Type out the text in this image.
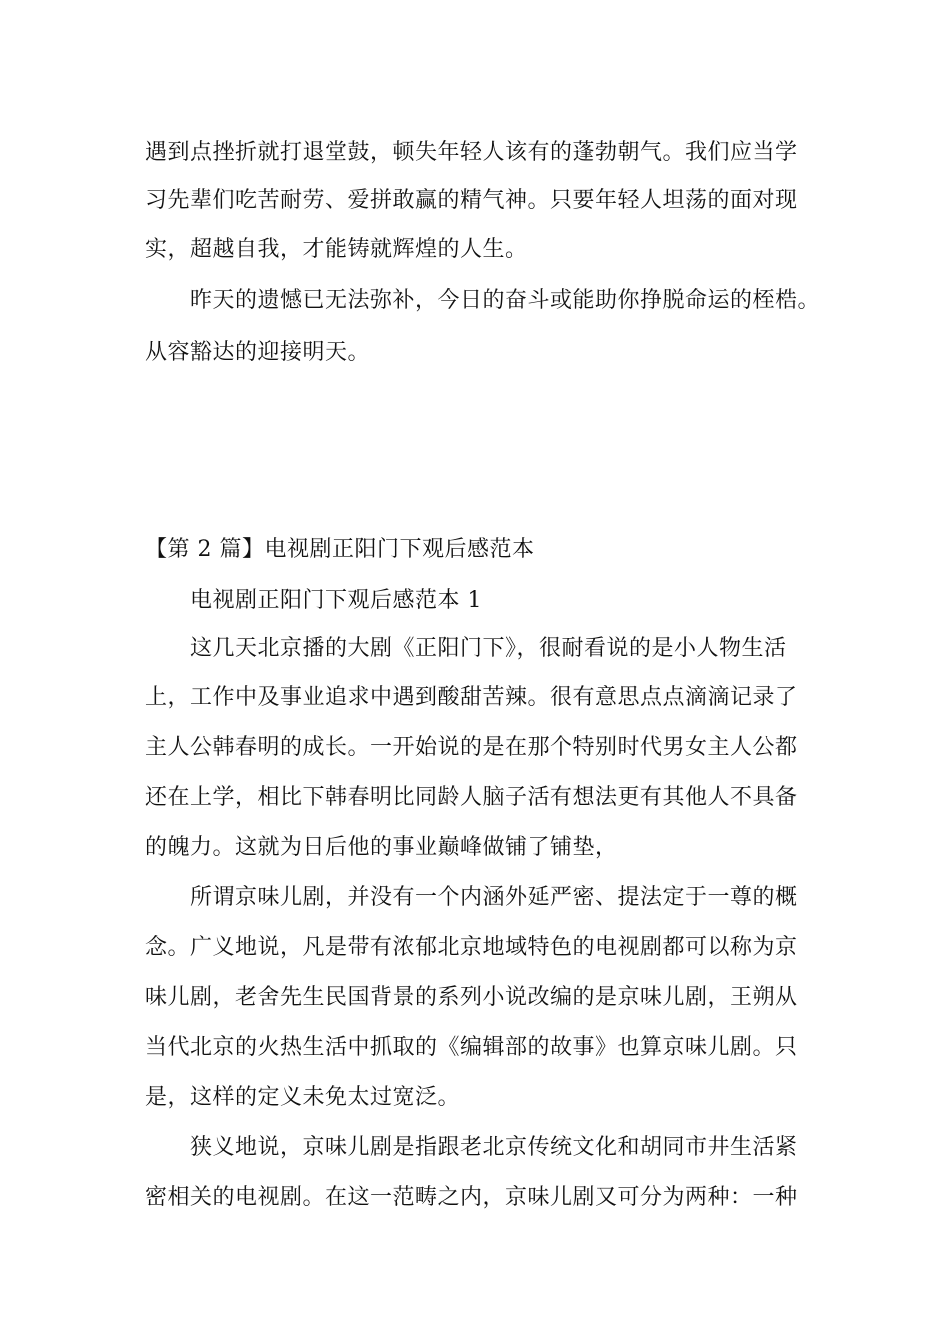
遇到点挫折就打退堂鼓，顿失年轻人该有的蓬勃朝气。我们应当学
习先辈们吃苦耐劳、爱拼敢赢的精气神。只要年轻人坦荡的面对现
实，超越自我，才能铸就辉煌的人生。
昨天的遗憾已无法弥补，今日的奋斗或能助你挣脱命运的桎梏。
从容豁达的迎接明天。
【第 2 篇】电视剧正阳门下观后感范本
电视剧正阳门下观后感范本 1
这几天北京播的大剧《正阳门下》，很耐看说的是小人物生活
上，工作中及事业追求中遇到酸甜苦辣。很有意思点点滴滴记录了
主人公韩春明的成长。一开始说的是在那个特别时代男女主人公都
还在上学，相比下韩春明比同龄人脑子活有想法更有其他人不具备
的魄力。这就为日后他的事业巅峰做铺了铺垫，
所谓京味儿剧，并没有一个内涵外延严密、提法定于一尊的概
念。广义地说，凡是带有浓郁北京地域特色的电视剧都可以称为京
味儿剧，老舍先生民国背景的系列小说改编的是京味儿剧，王朔从
当代北京的火热生活中抓取的《编辑部的故事》也算京味儿剧。只
是，这样的定义未免太过宽泛。
狭义地说，京味儿剧是指跟老北京传统文化和胡同市井生活紧
密相关的电视剧。在这一范畴之内，京味儿剧又可分为两种：一种
